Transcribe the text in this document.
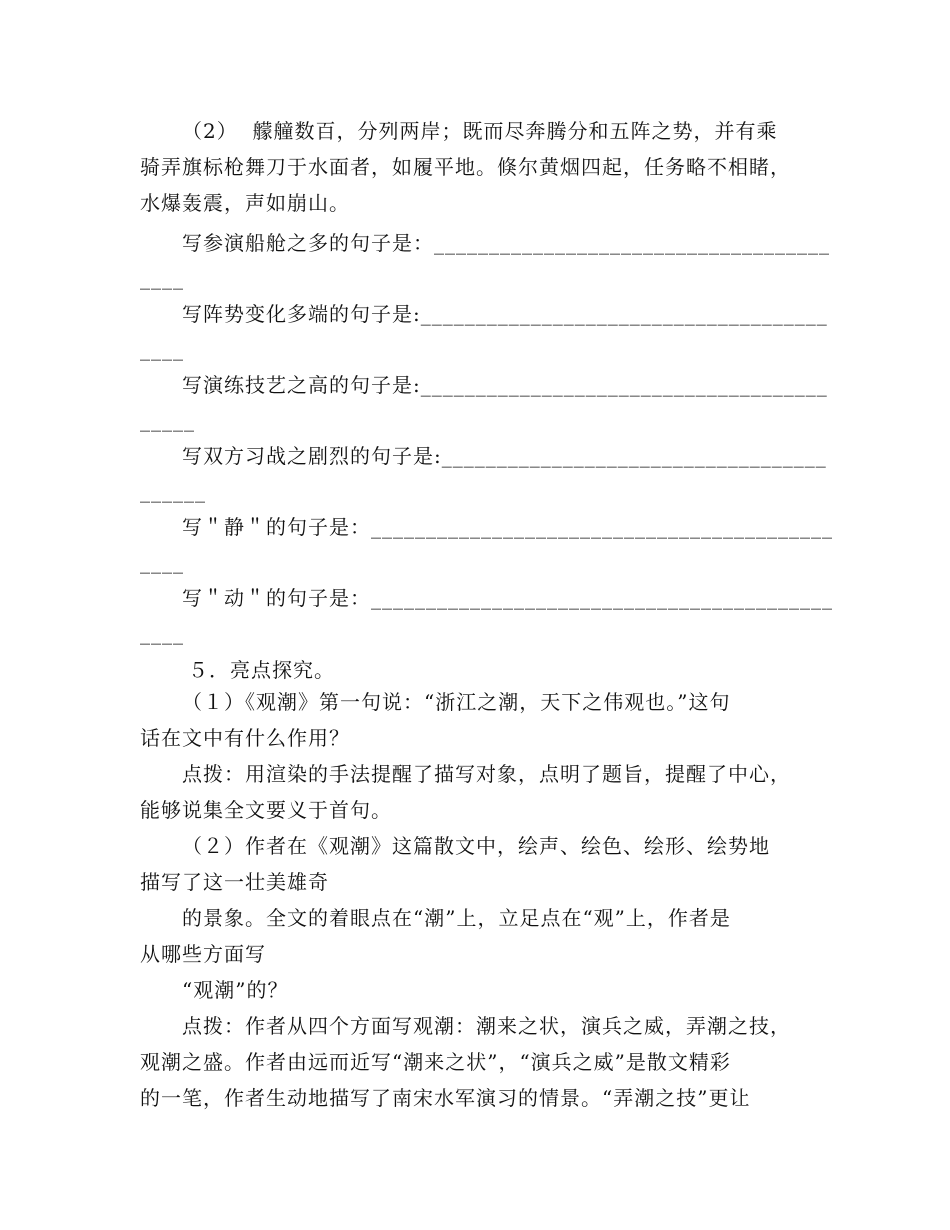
（2）  艨艟数百，分列两岸；既而尽奔腾分和五阵之势，并有乘
骑弄旗标枪舞刀于水面者，如履平地。倏尔黄烟四起，任务略不相睹，
水爆轰震，声如崩山。
写参演船舱之多的句子是：____________________________________
____
写阵势变化多端的句子是:_____________________________________
____
写演练技艺之高的句子是:_____________________________________
_____
写双方习战之剧烈的句子是:___________________________________
______
写＂静＂的句子是：__________________________________________
____
写＂动＂的句子是：__________________________________________
____
５．亮点探究。
（１）《观潮》第一句说：“浙江之潮，天下之伟观也。”这句
话在文中有什么作用？
点拨：用渲染的手法提醒了描写对象，点明了题旨，提醒了中心，
能够说集全文要义于首句。
（２）作者在《观潮》这篇散文中，绘声、绘色、绘形、绘势地
描写了这一壮美雄奇
的景象。全文的着眼点在“潮”上，立足点在“观”上，作者是
从哪些方面写
“观潮”的？
点拨：作者从四个方面写观潮：潮来之状，演兵之威，弄潮之技，
观潮之盛。作者由远而近写“潮来之状”，“演兵之威”是散文精彩
的一笔，作者生动地描写了南宋水军演习的情景。“弄潮之技”更让
